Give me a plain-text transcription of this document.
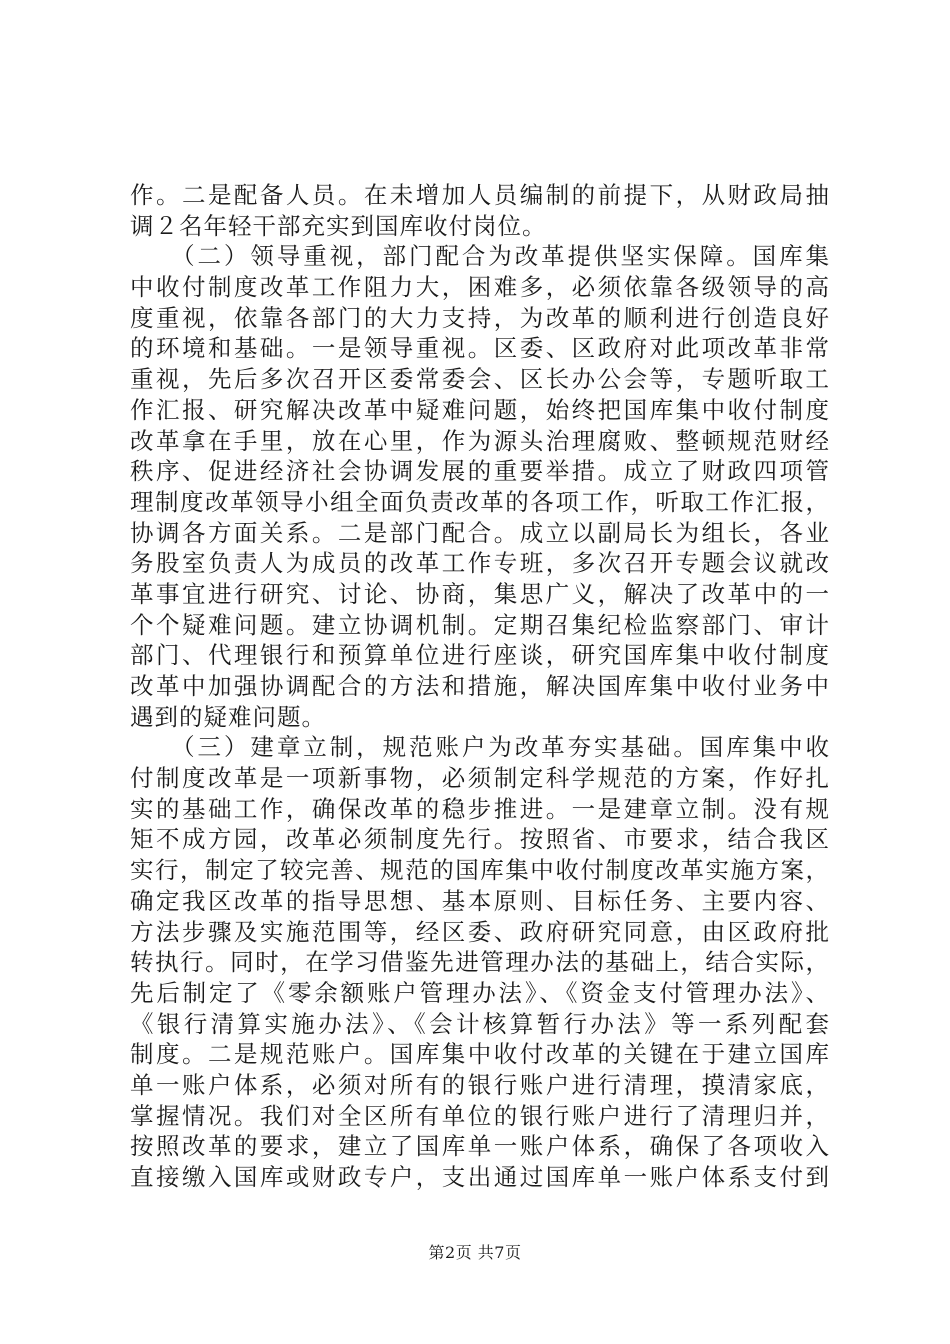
作。二是配备人员。在未增加人员编制的前提下，从财政局抽
调２名年轻干部充实到国库收付岗位。
　　（二）领导重视，部门配合为改革提供坚实保障。国库集
中收付制度改革工作阻力大，困难多，必须依靠各级领导的高
度重视，依靠各部门的大力支持，为改革的顺利进行创造良好
的环境和基础。一是领导重视。区委、区政府对此项改革非常
重视，先后多次召开区委常委会、区长办公会等，专题听取工
作汇报、研究解决改革中疑难问题，始终把国库集中收付制度
改革拿在手里，放在心里，作为源头治理腐败、整顿规范财经
秩序、促进经济社会协调发展的重要举措。成立了财政四项管
理制度改革领导小组全面负责改革的各项工作，听取工作汇报，
协调各方面关系。二是部门配合。成立以副局长为组长，各业
务股室负责人为成员的改革工作专班，多次召开专题会议就改
革事宜进行研究、讨论、协商，集思广义，解决了改革中的一
个个疑难问题。建立协调机制。定期召集纪检监察部门、审计
部门、代理银行和预算单位进行座谈，研究国库集中收付制度
改革中加强协调配合的方法和措施，解决国库集中收付业务中
遇到的疑难问题。
　　（三）建章立制，规范账户为改革夯实基础。国库集中收
付制度改革是一项新事物，必须制定科学规范的方案，作好扎
实的基础工作，确保改革的稳步推进。一是建章立制。没有规
矩不成方园，改革必须制度先行。按照省、市要求，结合我区
实行，制定了较完善、规范的国库集中收付制度改革实施方案，
确定我区改革的指导思想、基本原则、目标任务、主要内容、
方法步骤及实施范围等，经区委、政府研究同意，由区政府批
转执行。同时，在学习借鉴先进管理办法的基础上，结合实际，
先后制定了《零余额账户管理办法》、《资金支付管理办法》、
《银行清算实施办法》、《会计核算暂行办法》等一系列配套
制度。二是规范账户。国库集中收付改革的关键在于建立国库
单一账户体系，必须对所有的银行账户进行清理，摸清家底，
掌握情况。我们对全区所有单位的银行账户进行了清理归并，
按照改革的要求，建立了国库单一账户体系，确保了各项收入
直接缴入国库或财政专户，支出通过国库单一账户体系支付到
第2页 共7页
